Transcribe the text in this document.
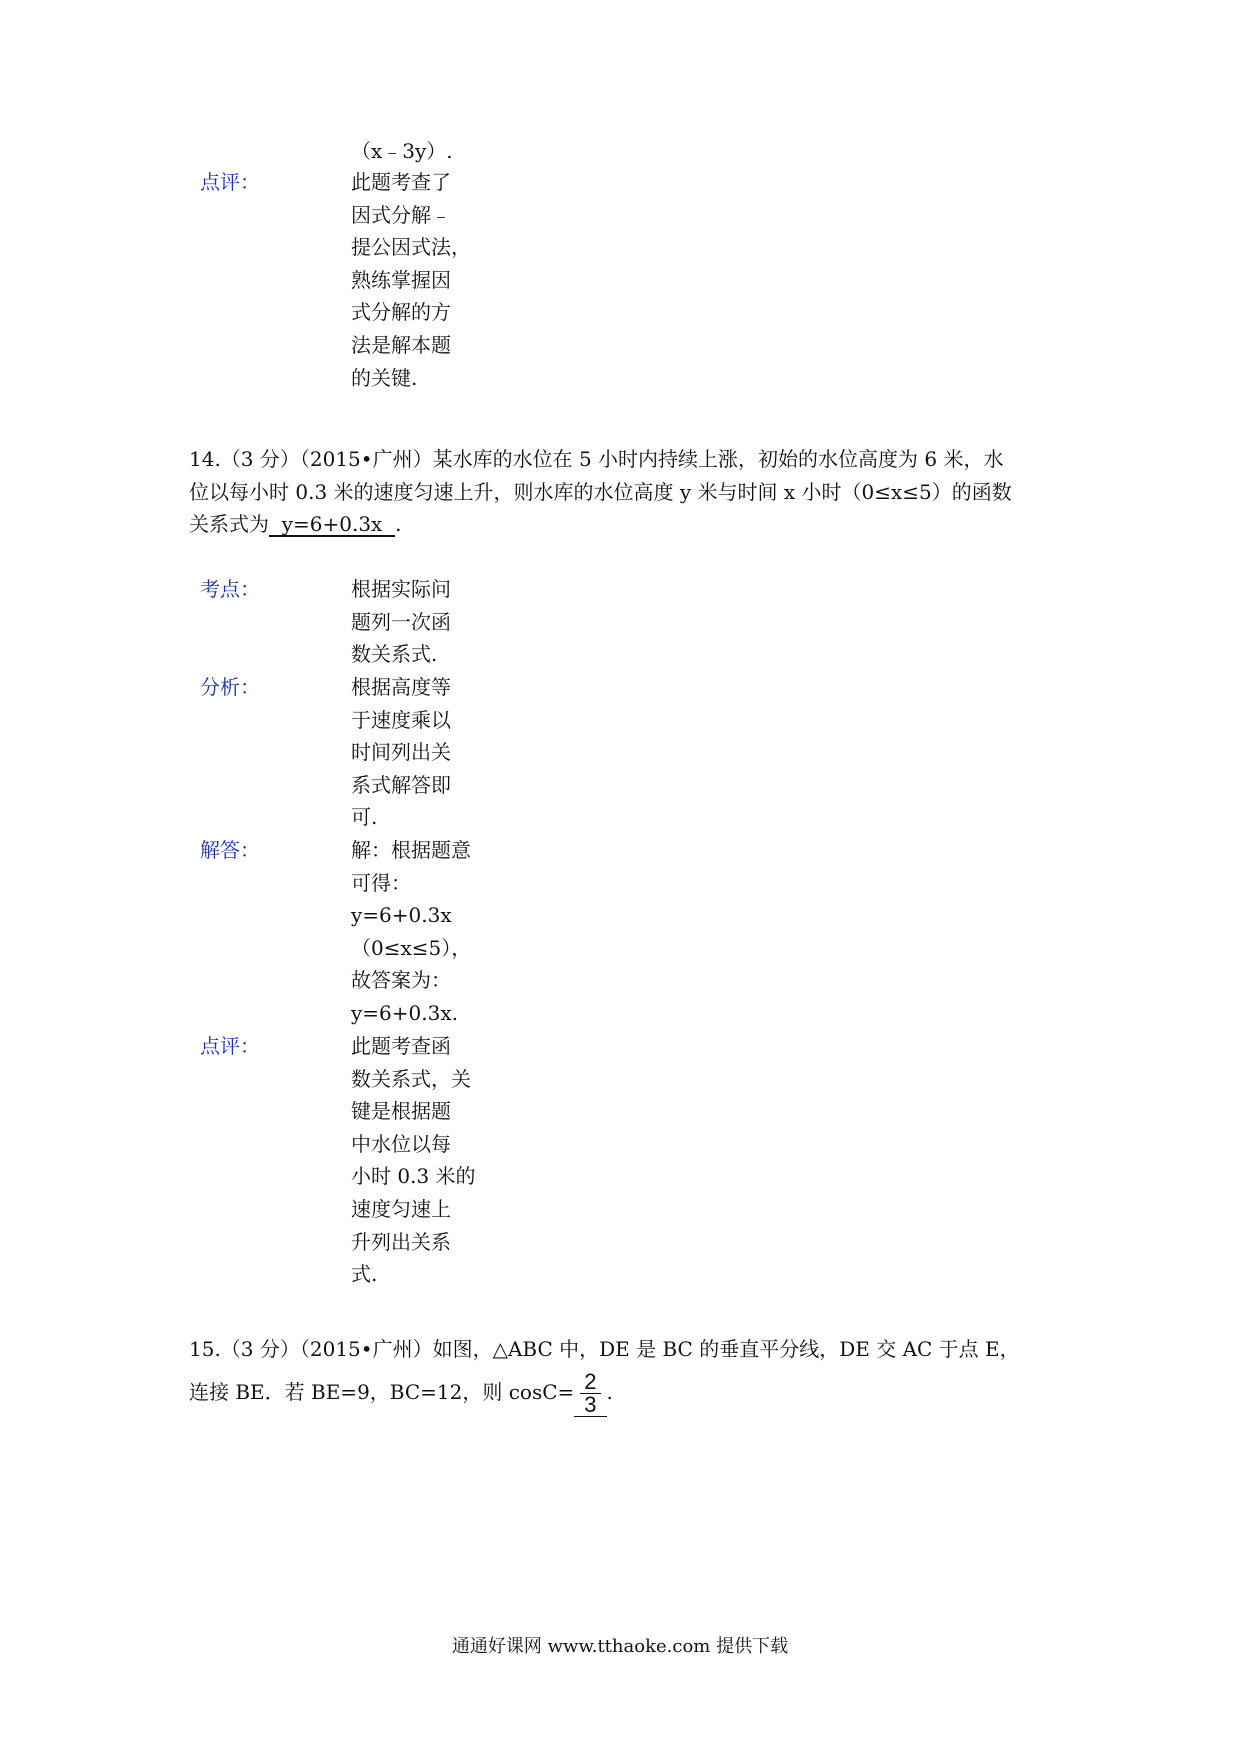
（x﹣3y）.
点评：	此题考查了
因式分解﹣
提公因式法，
熟练掌握因
式分解的方
法是解本题
的关键.
14.（3 分）（2015•广州）某水库的水位在 5 小时内持续上涨，初始的水位高度为 6 米，水
位以每小时 0.3 米的速度匀速上升，则水库的水位高度 y 米与时间 x 小时（0≤x≤5）的函数
关系式为  y=6+0.3x  .
考点：	根据实际问
题列一次函
数关系式.
分析：	根据高度等
于速度乘以
时间列出关
系式解答即
可.
解答：	解：根据题意
可得：
y=6+0.3x
（0≤x≤5），
故答案为：
y=6+0.3x.
点评：	此题考查函
数关系式，关
键是根据题
中水位以每
小时 0.3 米的
速度匀速上
升列出关系
式.
15.（3 分）（2015•广州）如图，△ABC 中，DE 是 BC 的垂直平分线，DE 交 AC 于点 E，
连接 BE．若 BE=9，BC=12，则 $\cos C= \frac{2}{3}$ .
通通好课网 www.tthaoke.com 提供下载
